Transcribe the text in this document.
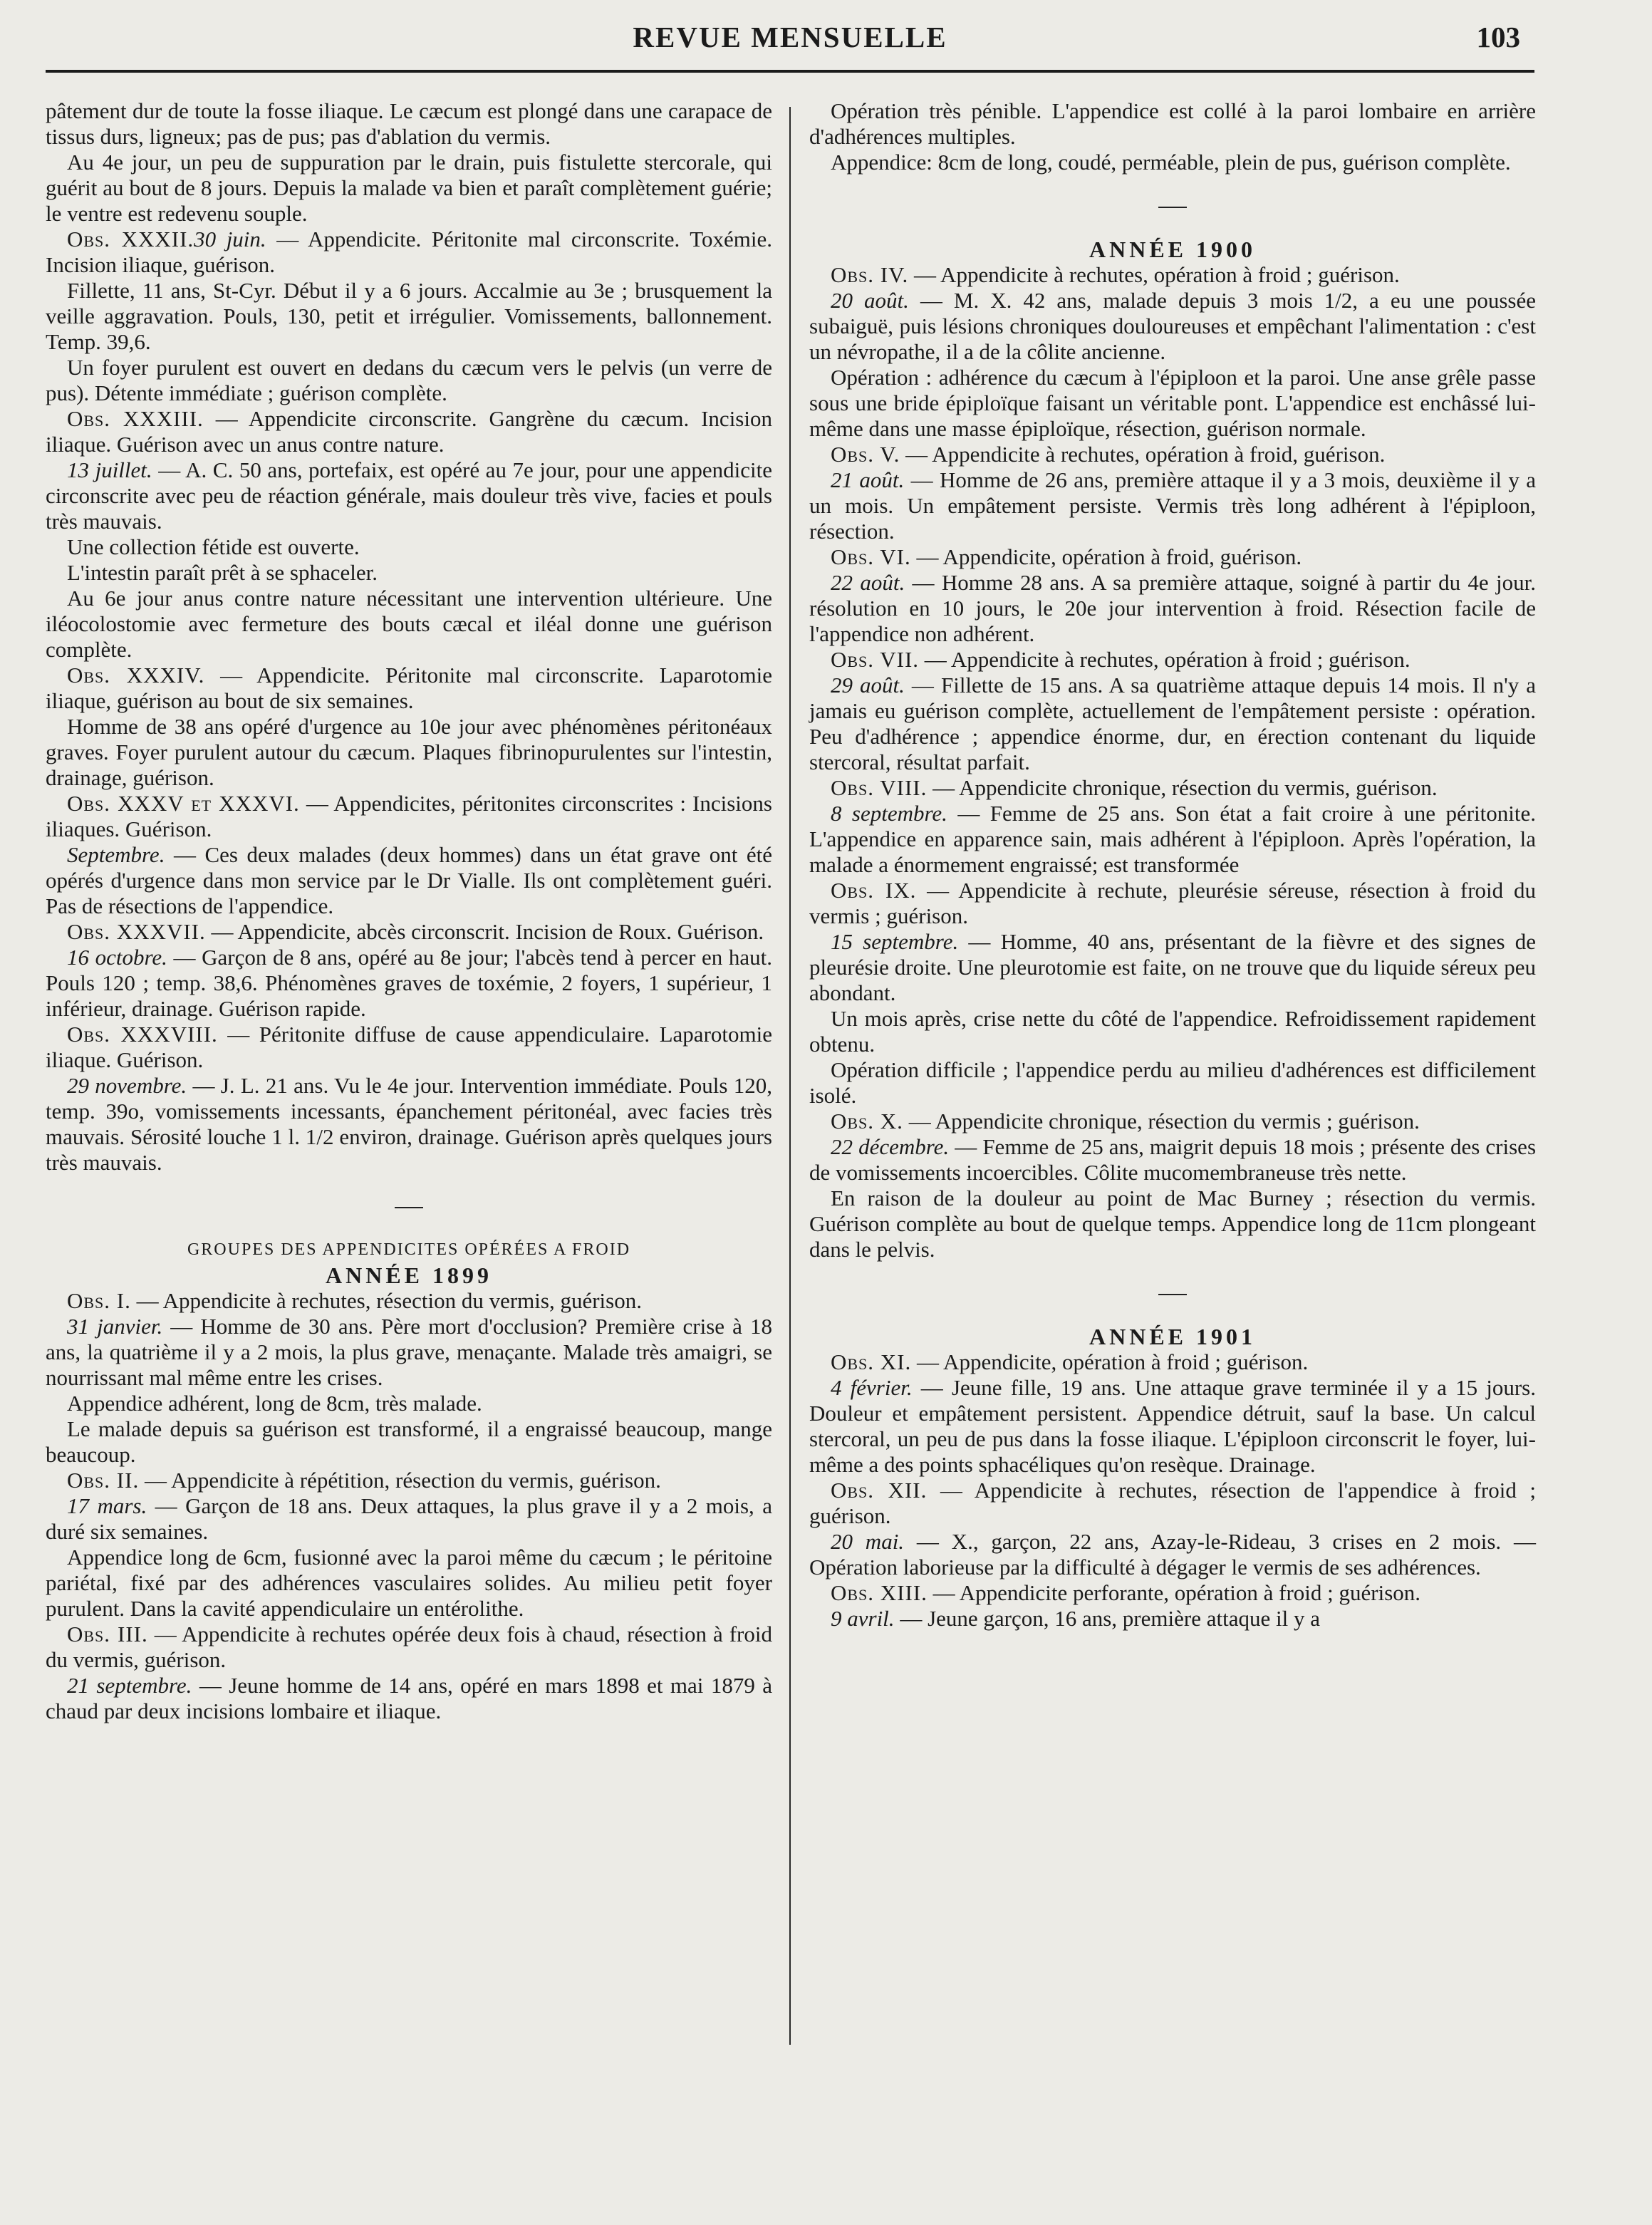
REVUE MENSUELLE	103

pâtement dur de toute la fosse iliaque. Le cæcum est plongé dans une carapace de tissus durs, ligneux; pas de pus; pas d'ablation du vermis.

Au 4e jour, un peu de suppuration par le drain, puis fistulette stercorale, qui guérit au bout de 8 jours. Depuis la malade va bien et paraît complètement guérie; le ventre est redevenu souple.

Obs. XXXII.30 juin. — Appendicite. Péritonite mal circonscrite. Toxémie. Incision iliaque, guérison.

Fillette, 11 ans, St-Cyr. Début il y a 6 jours. Accalmie au 3e ; brusquement la veille aggravation. Pouls, 130, petit et irrégulier. Vomissements, ballonnement. Temp. 39,6.

Un foyer purulent est ouvert en dedans du cæcum vers le pelvis (un verre de pus). Détente immédiate ; guérison complète.

Obs. XXXIII. — Appendicite circonscrite. Gangrène du cæcum. Incision iliaque. Guérison avec un anus contre nature.

13 juillet. — A. C. 50 ans, portefaix, est opéré au 7e jour, pour une appendicite circonscrite avec peu de réaction générale, mais douleur très vive, facies et pouls très mauvais.

Une collection fétide est ouverte.

L'intestin paraît prêt à se sphaceler.

Au 6e jour anus contre nature nécessitant une intervention ultérieure. Une iléocolostomie avec fermeture des bouts cæcal et iléal donne une guérison complète.

Obs. XXXIV. — Appendicite. Péritonite mal circonscrite. Laparotomie iliaque, guérison au bout de six semaines.

Homme de 38 ans opéré d'urgence au 10e jour avec phénomènes péritonéaux graves. Foyer purulent autour du cæcum. Plaques fibrinopurulentes sur l'intestin, drainage, guérison.

Obs. XXXV et XXXVI. — Appendicites, péritonites circonscrites : Incisions iliaques. Guérison.

Septembre. — Ces deux malades (deux hommes) dans un état grave ont été opérés d'urgence dans mon service par le Dr Vialle. Ils ont complètement guéri. Pas de résections de l'appendice.

Obs. XXXVII. — Appendicite, abcès circonscrit. Incision de Roux. Guérison.

16 octobre. — Garçon de 8 ans, opéré au 8e jour; l'abcès tend à percer en haut. Pouls 120 ; temp. 38,6. Phénomènes graves de toxémie, 2 foyers, 1 supérieur, 1 inférieur, drainage. Guérison rapide.

Obs. XXXVIII. — Péritonite diffuse de cause appendiculaire. Laparotomie iliaque. Guérison.

29 novembre. — J. L. 21 ans. Vu le 4e jour. Intervention immédiate. Pouls 120, temp. 39o, vomissements incessants, épanchement péritonéal, avec facies très mauvais. Sérosité louche 1 l. 1/2 environ, drainage. Guérison après quelques jours très mauvais.

GROUPES DES APPENDICITES OPÉRÉES A FROID

ANNÉE 1899

Obs. I. — Appendicite à rechutes, résection du vermis, guérison.

31 janvier. — Homme de 30 ans. Père mort d'occlusion? Première crise à 18 ans, la quatrième il y a 2 mois, la plus grave, menaçante. Malade très amaigri, se nourrissant mal même entre les crises.

Appendice adhérent, long de 8cm, très malade.

Le malade depuis sa guérison est transformé, il a engraissé beaucoup, mange beaucoup.

Obs. II. — Appendicite à répétition, résection du vermis, guérison.

17 mars. — Garçon de 18 ans. Deux attaques, la plus grave il y a 2 mois, a duré six semaines.

Appendice long de 6cm, fusionné avec la paroi même du cæcum ; le péritoine pariétal, fixé par des adhérences vasculaires solides. Au milieu petit foyer purulent. Dans la cavité appendiculaire un entérolithe.

Obs. III. — Appendicite à rechutes opérée deux fois à chaud, résection à froid du vermis, guérison.

21 septembre. — Jeune homme de 14 ans, opéré en mars 1898 et mai 1879 à chaud par deux incisions lombaire et iliaque.

Opération très pénible. L'appendice est collé à la paroi lombaire en arrière d'adhérences multiples.

Appendice: 8cm de long, coudé, perméable, plein de pus, guérison complète.

ANNÉE 1900

Obs. IV. — Appendicite à rechutes, opération à froid ; guérison.

20 août. — M. X. 42 ans, malade depuis 3 mois 1/2, a eu une poussée subaiguë, puis lésions chroniques douloureuses et empêchant l'alimentation : c'est un névropathe, il a de la côlite ancienne.

Opération : adhérence du cæcum à l'épiploon et la paroi. Une anse grêle passe sous une bride épiploïque faisant un véritable pont. L'appendice est enchâssé lui-même dans une masse épiploïque, résection, guérison normale.

Obs. V. — Appendicite à rechutes, opération à froid, guérison.

21 août. — Homme de 26 ans, première attaque il y a 3 mois, deuxième il y a un mois. Un empâtement persiste. Vermis très long adhérent à l'épiploon, résection.

Obs. VI. — Appendicite, opération à froid, guérison.

22 août. — Homme 28 ans. A sa première attaque, soigné à partir du 4e jour. résolution en 10 jours, le 20e jour intervention à froid. Résection facile de l'appendice non adhérent.

Obs. VII. — Appendicite à rechutes, opération à froid ; guérison.

29 août. — Fillette de 15 ans. A sa quatrième attaque depuis 14 mois. Il n'y a jamais eu guérison complète, actuellement de l'empâtement persiste : opération. Peu d'adhérence ; appendice énorme, dur, en érection contenant du liquide stercoral, résultat parfait.

Obs. VIII. — Appendicite chronique, résection du vermis, guérison.

8 septembre. — Femme de 25 ans. Son état a fait croire à une péritonite. L'appendice en apparence sain, mais adhérent à l'épiploon. Après l'opération, la malade a énormement engraissé; est transformée

Obs. IX. — Appendicite à rechute, pleurésie séreuse, résection à froid du vermis ; guérison.

15 septembre. — Homme, 40 ans, présentant de la fièvre et des signes de pleurésie droite. Une pleurotomie est faite, on ne trouve que du liquide séreux peu abondant.

Un mois après, crise nette du côté de l'appendice. Refroidissement rapidement obtenu.

Opération difficile ; l'appendice perdu au milieu d'adhérences est difficilement isolé.

Obs. X. — Appendicite chronique, résection du vermis ; guérison.

22 décembre. — Femme de 25 ans, maigrit depuis 18 mois ; présente des crises de vomissements incoercibles. Côlite mucomembraneuse très nette.

En raison de la douleur au point de Mac Burney ; résection du vermis. Guérison complète au bout de quelque temps. Appendice long de 11cm plongeant dans le pelvis.

ANNÉE 1901

Obs. XI. — Appendicite, opération à froid ; guérison.

4 février. — Jeune fille, 19 ans. Une attaque grave terminée il y a 15 jours. Douleur et empâtement persistent. Appendice détruit, sauf la base. Un calcul stercoral, un peu de pus dans la fosse iliaque. L'épiploon circonscrit le foyer, lui-même a des points sphacéliques qu'on resèque. Drainage.

Obs. XII. — Appendicite à rechutes, résection de l'appendice à froid ; guérison.

20 mai. — X., garçon, 22 ans, Azay-le-Rideau, 3 crises en 2 mois. — Opération laborieuse par la difficulté à dégager le vermis de ses adhérences.

Obs. XIII. — Appendicite perforante, opération à froid ; guérison.

9 avril. — Jeune garçon, 16 ans, première attaque il y a
